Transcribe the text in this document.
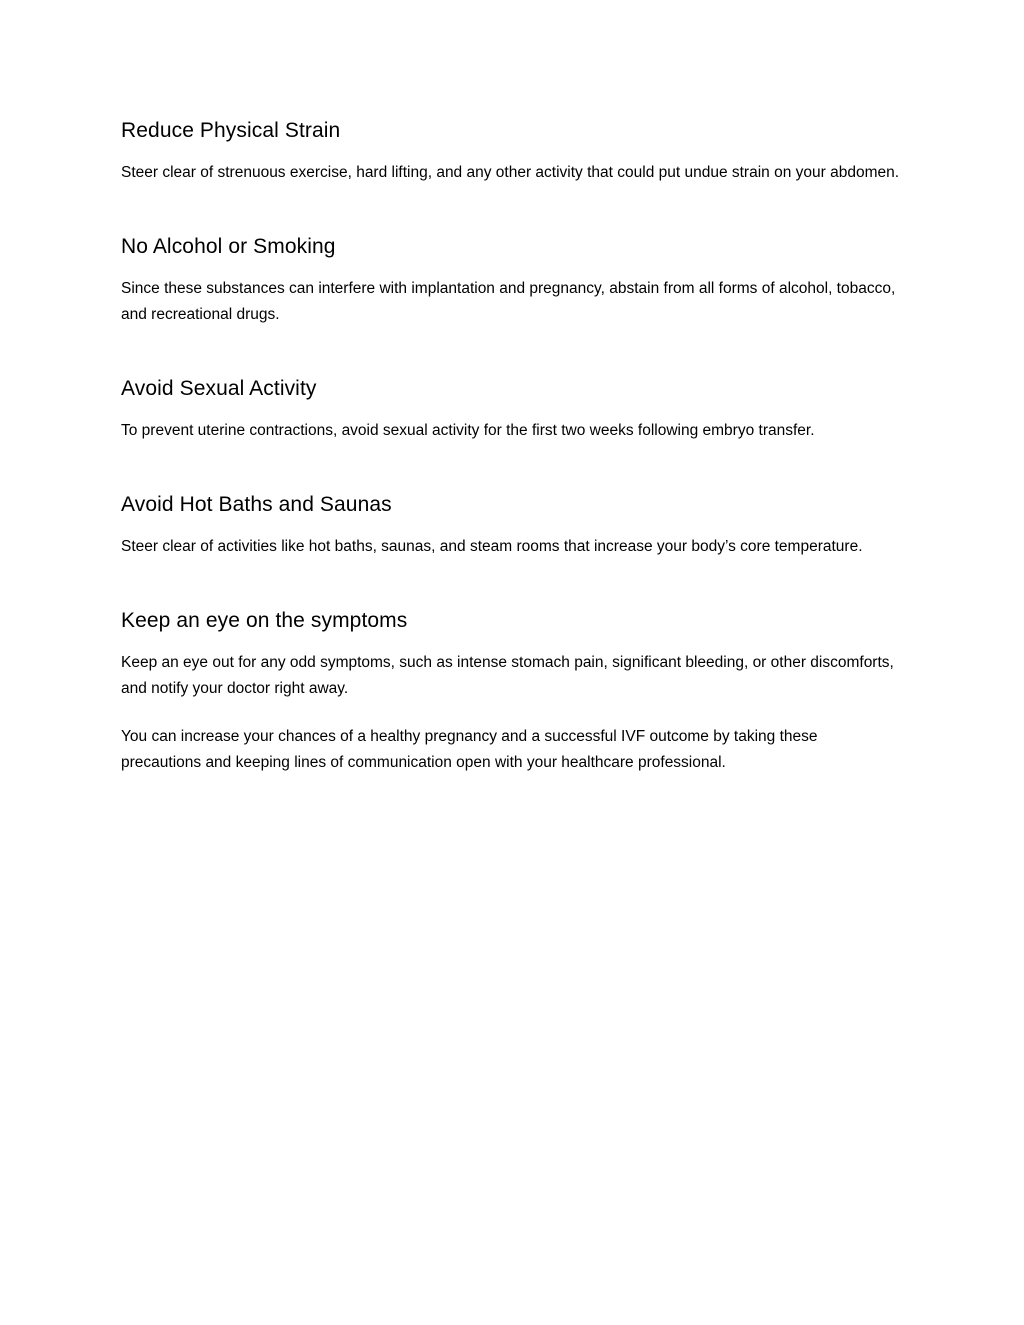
Reduce Physical Strain

Steer clear of strenuous exercise, hard lifting, and any other activity that could put undue strain on your abdomen.

No Alcohol or Smoking

Since these substances can interfere with implantation and pregnancy, abstain from all forms of alcohol, tobacco, and recreational drugs.

Avoid Sexual Activity

To prevent uterine contractions, avoid sexual activity for the first two weeks following embryo transfer.

Avoid Hot Baths and Saunas

Steer clear of activities like hot baths, saunas, and steam rooms that increase your body’s core temperature.

Keep an eye on the symptoms

Keep an eye out for any odd symptoms, such as intense stomach pain, significant bleeding, or other discomforts, and notify your doctor right away.

You can increase your chances of a healthy pregnancy and a successful IVF outcome by taking these precautions and keeping lines of communication open with your healthcare professional.
